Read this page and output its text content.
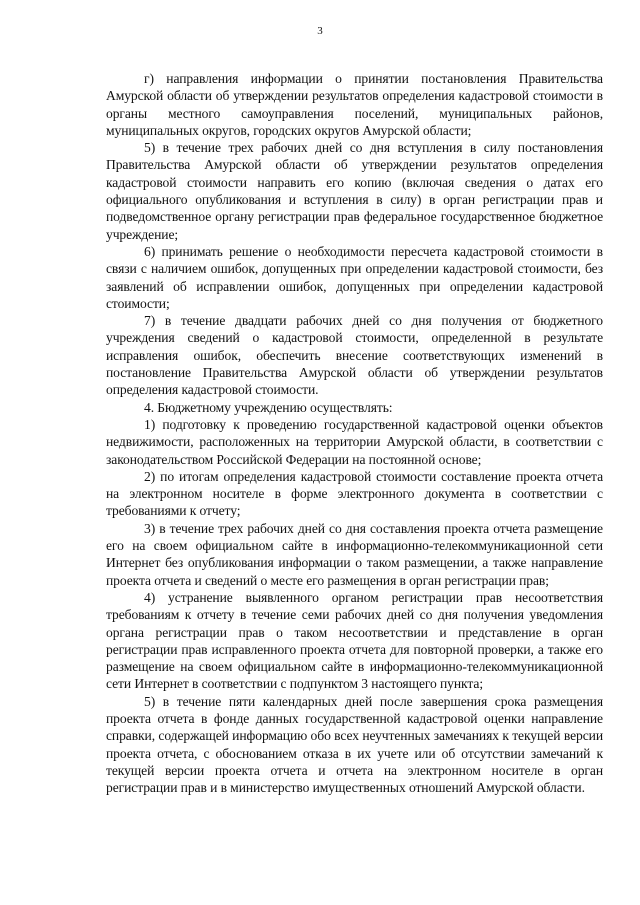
3

г) направления информации о принятии постановления Правительства Амурской области об утверждении результатов определения кадастровой стоимости в органы местного самоуправления поселений, муниципальных районов, муниципальных округов, городских округов Амурской области;

5) в течение трех рабочих дней со дня вступления в силу постановления Правительства Амурской области об утверждении результатов определения кадастровой стоимости направить его копию (включая сведения о датах его официального опубликования и вступления в силу) в орган регистрации прав и подведомственное органу регистрации прав федеральное государственное бюджетное учреждение;

6) принимать решение о необходимости пересчета кадастровой стоимости в связи с наличием ошибок, допущенных при определении кадастровой стоимости, без заявлений об исправлении ошибок, допущенных при определении кадастровой стоимости;

7) в течение двадцати рабочих дней со дня получения от бюджетного учреждения сведений о кадастровой стоимости, определенной в результате исправления ошибок, обеспечить внесение соответствующих изменений в постановление Правительства Амурской области об утверждении результатов определения кадастровой стоимости.

4. Бюджетному учреждению осуществлять:

1) подготовку к проведению государственной кадастровой оценки объектов недвижимости, расположенных на территории Амурской области, в соответствии с законодательством Российской Федерации на постоянной основе;

2) по итогам определения кадастровой стоимости составление проекта отчета на электронном носителе в форме электронного документа в соответствии с требованиями к отчету;

3) в течение трех рабочих дней со дня составления проекта отчета размещение его на своем официальном сайте в информационно-телекоммуникационной сети Интернет без опубликования информации о таком размещении, а также направление проекта отчета и сведений о месте его размещения в орган регистрации прав;

4) устранение выявленного органом регистрации прав несоответствия требованиям к отчету в течение семи рабочих дней со дня получения уведомления органа регистрации прав о таком несоответствии и представление в орган регистрации прав исправленного проекта отчета для повторной проверки, а также его размещение на своем официальном сайте в информационно-телекоммуникационной сети Интернет в соответствии с подпунктом 3 настоящего пункта;

5) в течение пяти календарных дней после завершения срока размещения проекта отчета в фонде данных государственной кадастровой оценки направление справки, содержащей информацию обо всех неучтенных замечаниях к текущей версии проекта отчета, с обоснованием отказа в их учете или об отсутствии замечаний к текущей версии проекта отчета и отчета на электронном носителе в орган регистрации прав и в министерство имущественных отношений Амурской области.
